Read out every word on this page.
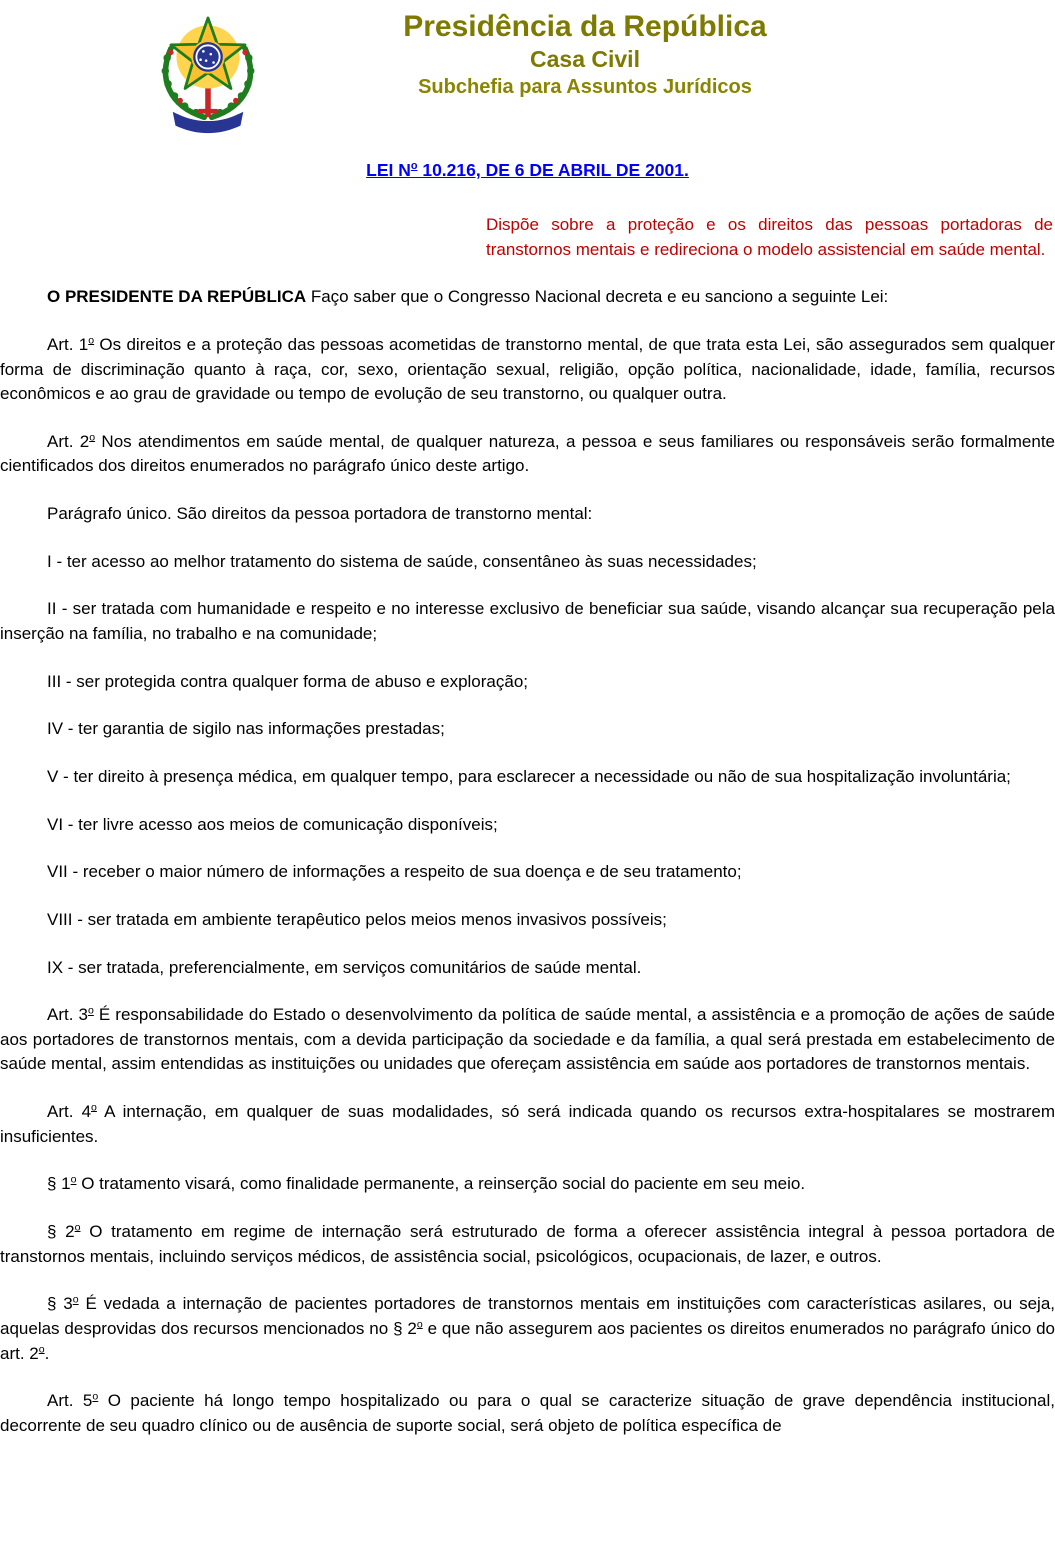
Presidência da República
Casa Civil
Subchefia para Assuntos Jurídicos
LEI $N^o$ 10.216, DE 6 DE ABRIL DE 2001.

Dispõe sobre a proteção e os direitos das pessoas portadoras de transtornos mentais e redireciona o modelo assistencial em saúde mental.

O PRESIDENTE DA REPÚBLICA Faço saber que o Congresso Nacional decreta e eu sanciono a seguinte Lei:

Art. 1$^o$ Os direitos e a proteção das pessoas acometidas de transtorno mental, de que trata esta Lei, são assegurados sem qualquer forma de discriminação quanto à raça, cor, sexo, orientação sexual, religião, opção política, nacionalidade, idade, família, recursos econômicos e ao grau de gravidade ou tempo de evolução de seu transtorno, ou qualquer outra.

Art. 2$^o$ Nos atendimentos em saúde mental, de qualquer natureza, a pessoa e seus familiares ou responsáveis serão formalmente cientificados dos direitos enumerados no parágrafo único deste artigo.

Parágrafo único. São direitos da pessoa portadora de transtorno mental:

I - ter acesso ao melhor tratamento do sistema de saúde, consentâneo às suas necessidades;

II - ser tratada com humanidade e respeito e no interesse exclusivo de beneficiar sua saúde, visando alcançar sua recuperação pela inserção na família, no trabalho e na comunidade;

III - ser protegida contra qualquer forma de abuso e exploração;

IV - ter garantia de sigilo nas informações prestadas;

V - ter direito à presença médica, em qualquer tempo, para esclarecer a necessidade ou não de sua hospitalização involuntária;

VI - ter livre acesso aos meios de comunicação disponíveis;

VII - receber o maior número de informações a respeito de sua doença e de seu tratamento;

VIII - ser tratada em ambiente terapêutico pelos meios menos invasivos possíveis;

IX - ser tratada, preferencialmente, em serviços comunitários de saúde mental.

Art. 3$^o$ É responsabilidade do Estado o desenvolvimento da política de saúde mental, a assistência e a promoção de ações de saúde aos portadores de transtornos mentais, com a devida participação da sociedade e da família, a qual será prestada em estabelecimento de saúde mental, assim entendidas as instituições ou unidades que ofereçam assistência em saúde aos portadores de transtornos mentais.

Art. 4$^o$ A internação, em qualquer de suas modalidades, só será indicada quando os recursos extra-hospitalares se mostrarem insuficientes.

§ 1$^o$ O tratamento visará, como finalidade permanente, a reinserção social do paciente em seu meio.

§ 2$^o$ O tratamento em regime de internação será estruturado de forma a oferecer assistência integral à pessoa portadora de transtornos mentais, incluindo serviços médicos, de assistência social, psicológicos, ocupacionais, de lazer, e outros.

§ 3$^o$ É vedada a internação de pacientes portadores de transtornos mentais em instituições com características asilares, ou seja, aquelas desprovidas dos recursos mencionados no § 2$^o$ e que não assegurem aos pacientes os direitos enumerados no parágrafo único do art. 2$^o$.

Art. 5$^o$ O paciente há longo tempo hospitalizado ou para o qual se caracterize situação de grave dependência institucional, decorrente de seu quadro clínico ou de ausência de suporte social, será objeto de política específica de
